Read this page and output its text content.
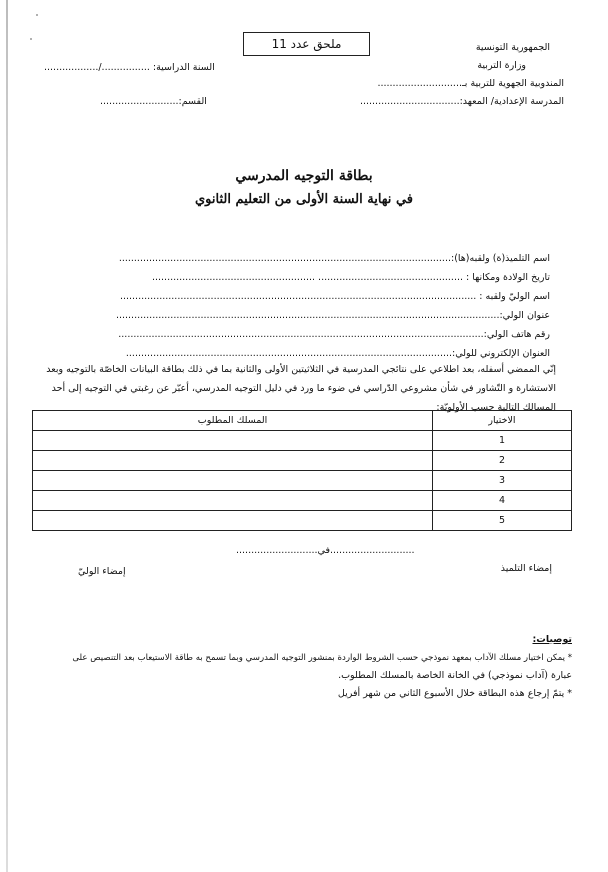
الجمهورية التونسية
وزارة التربية
المندوبية الجهوية للتربية بـ............................
المدرسة الإعدادية/ المعهد:.................................
ملحق عدد 11
السنة الدراسية: ................/..................
القسم:..........................
بطاقة التوجيه المدرسي
في نهاية السنة الأولى من التعليم الثانوي
اسم التلميذ(ة) ولقبه(ها):..............................................................................................................
تاريخ الولادة ومكانها : ................................................ ......................................................
اسم الوليّ ولقبه : ......................................................................................................................
عنوان الولي:...............................................................................................................................
رقم هاتف الولي:.........................................................................................................................
العنوان الإلكتروني للولي:............................................................................................................
إنّي الممضي أسفله، بعد اطلاعي على نتائجي المدرسية في الثلاثيتين الأولى والثانية بما في ذلك بطاقة البيانات الخاصّة بالتوجيه وبعد الاستشارة و التّشاور في شأن مشروعي الدّراسي في ضوء ما ورد في دليل التوجيه المدرسي، أعبّر عن رغبتي في التوجيه إلى أحد المسالك التالية حسب الأولويّة:
الاختيار	المسلك المطلوب
1	
2	
3	
4	
5	
............................في...........................
إمضاء التلميذ
إمضاء الوليّ
توصيات:
* يمكن اختيار مسلك الآداب بمعهد نموذجي حسب الشروط الواردة بمنشور التوجيه المدرسي وبما تسمح به طاقة الاستيعاب بعد التنصيص على
عبارة (آداب نموذجي) في الخانة الخاصة بالمسلك المطلوب.
* يتمّ إرجاع هذه البطاقة خلال الأسبوع الثاني من شهر أفريل
